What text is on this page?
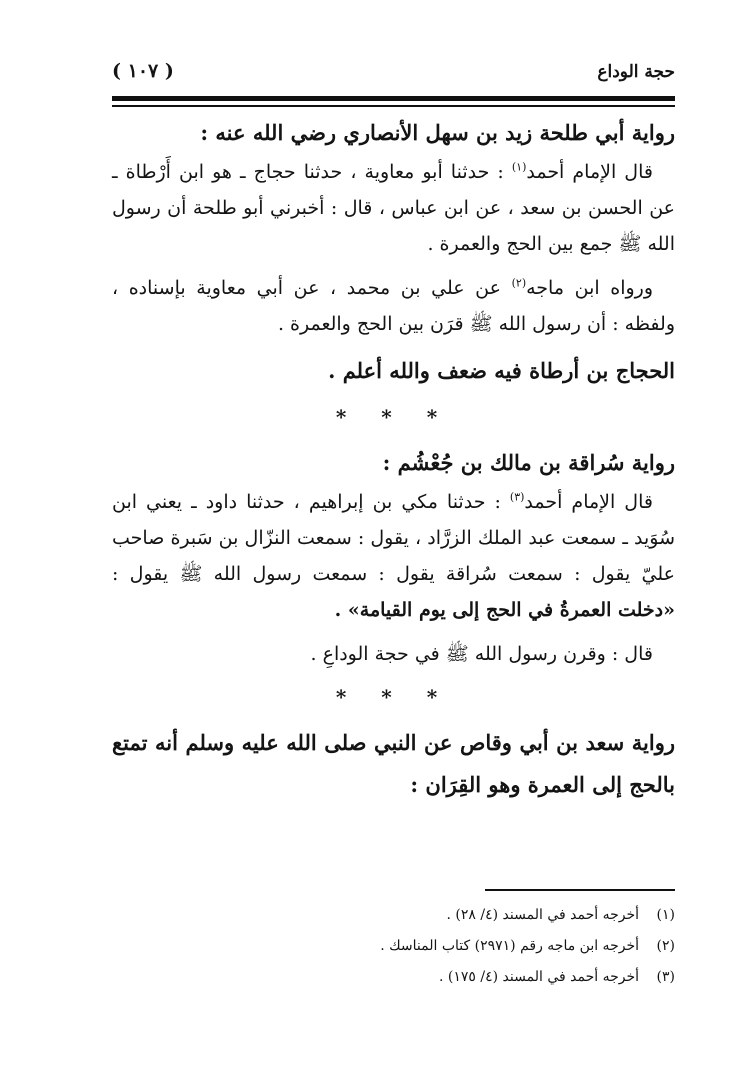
حجة الوداع
( ١٠٧ )

رواية أبي طلحة زيد بن سهل الأنصاري رضي الله عنه :

قال الإمام أحمد$^{(١)}$ : حدثنا أبو معاوية ، حدثنا حجاج ـ هو ابن أَرْطاة ـ عن الحسن بن سعد ، عن ابن عباس ، قال : أخبرني أبو طلحة أن رسول الله ﷺ جمع بين الحج والعمرة .

ورواه ابن ماجه$^{(٢)}$ عن علي بن محمد ، عن أبي معاوية بإسناده ، ولفظه : أن رسول الله ﷺ قرَن بين الحج والعمرة .

الحجاج بن أرطاة فيه ضعف والله أعلم .

* * *

رواية سُراقة بن مالك بن جُعْشُم :

قال الإمام أحمد$^{(٣)}$ : حدثنا مكي بن إبراهيم ، حدثنا داود ـ يعني ابن سُوَيد ـ سمعت عبد الملك الزرَّاد ، يقول : سمعت النزّال بن سَبرة صاحب عليّ يقول : سمعت سُراقة يقول : سمعت رسول الله ﷺ يقول : «دخلت العمرةُ في الحج إلى يوم القيامة» .

قال : وقرن رسول الله ﷺ في حجة الوداعِ .

* * *

رواية سعد بن أبي وقاص عن النبي صلى الله عليه وسلم أنه تمتع بالحج إلى العمرة وهو القِرَان :

(١)أخرجه أحمد في المسند (٤/ ٢٨) .

(٢)أخرجه ابن ماجه رقم (٢٩٧١) كتاب المناسك .

(٣)أخرجه أحمد في المسند (٤/ ١٧٥) .
